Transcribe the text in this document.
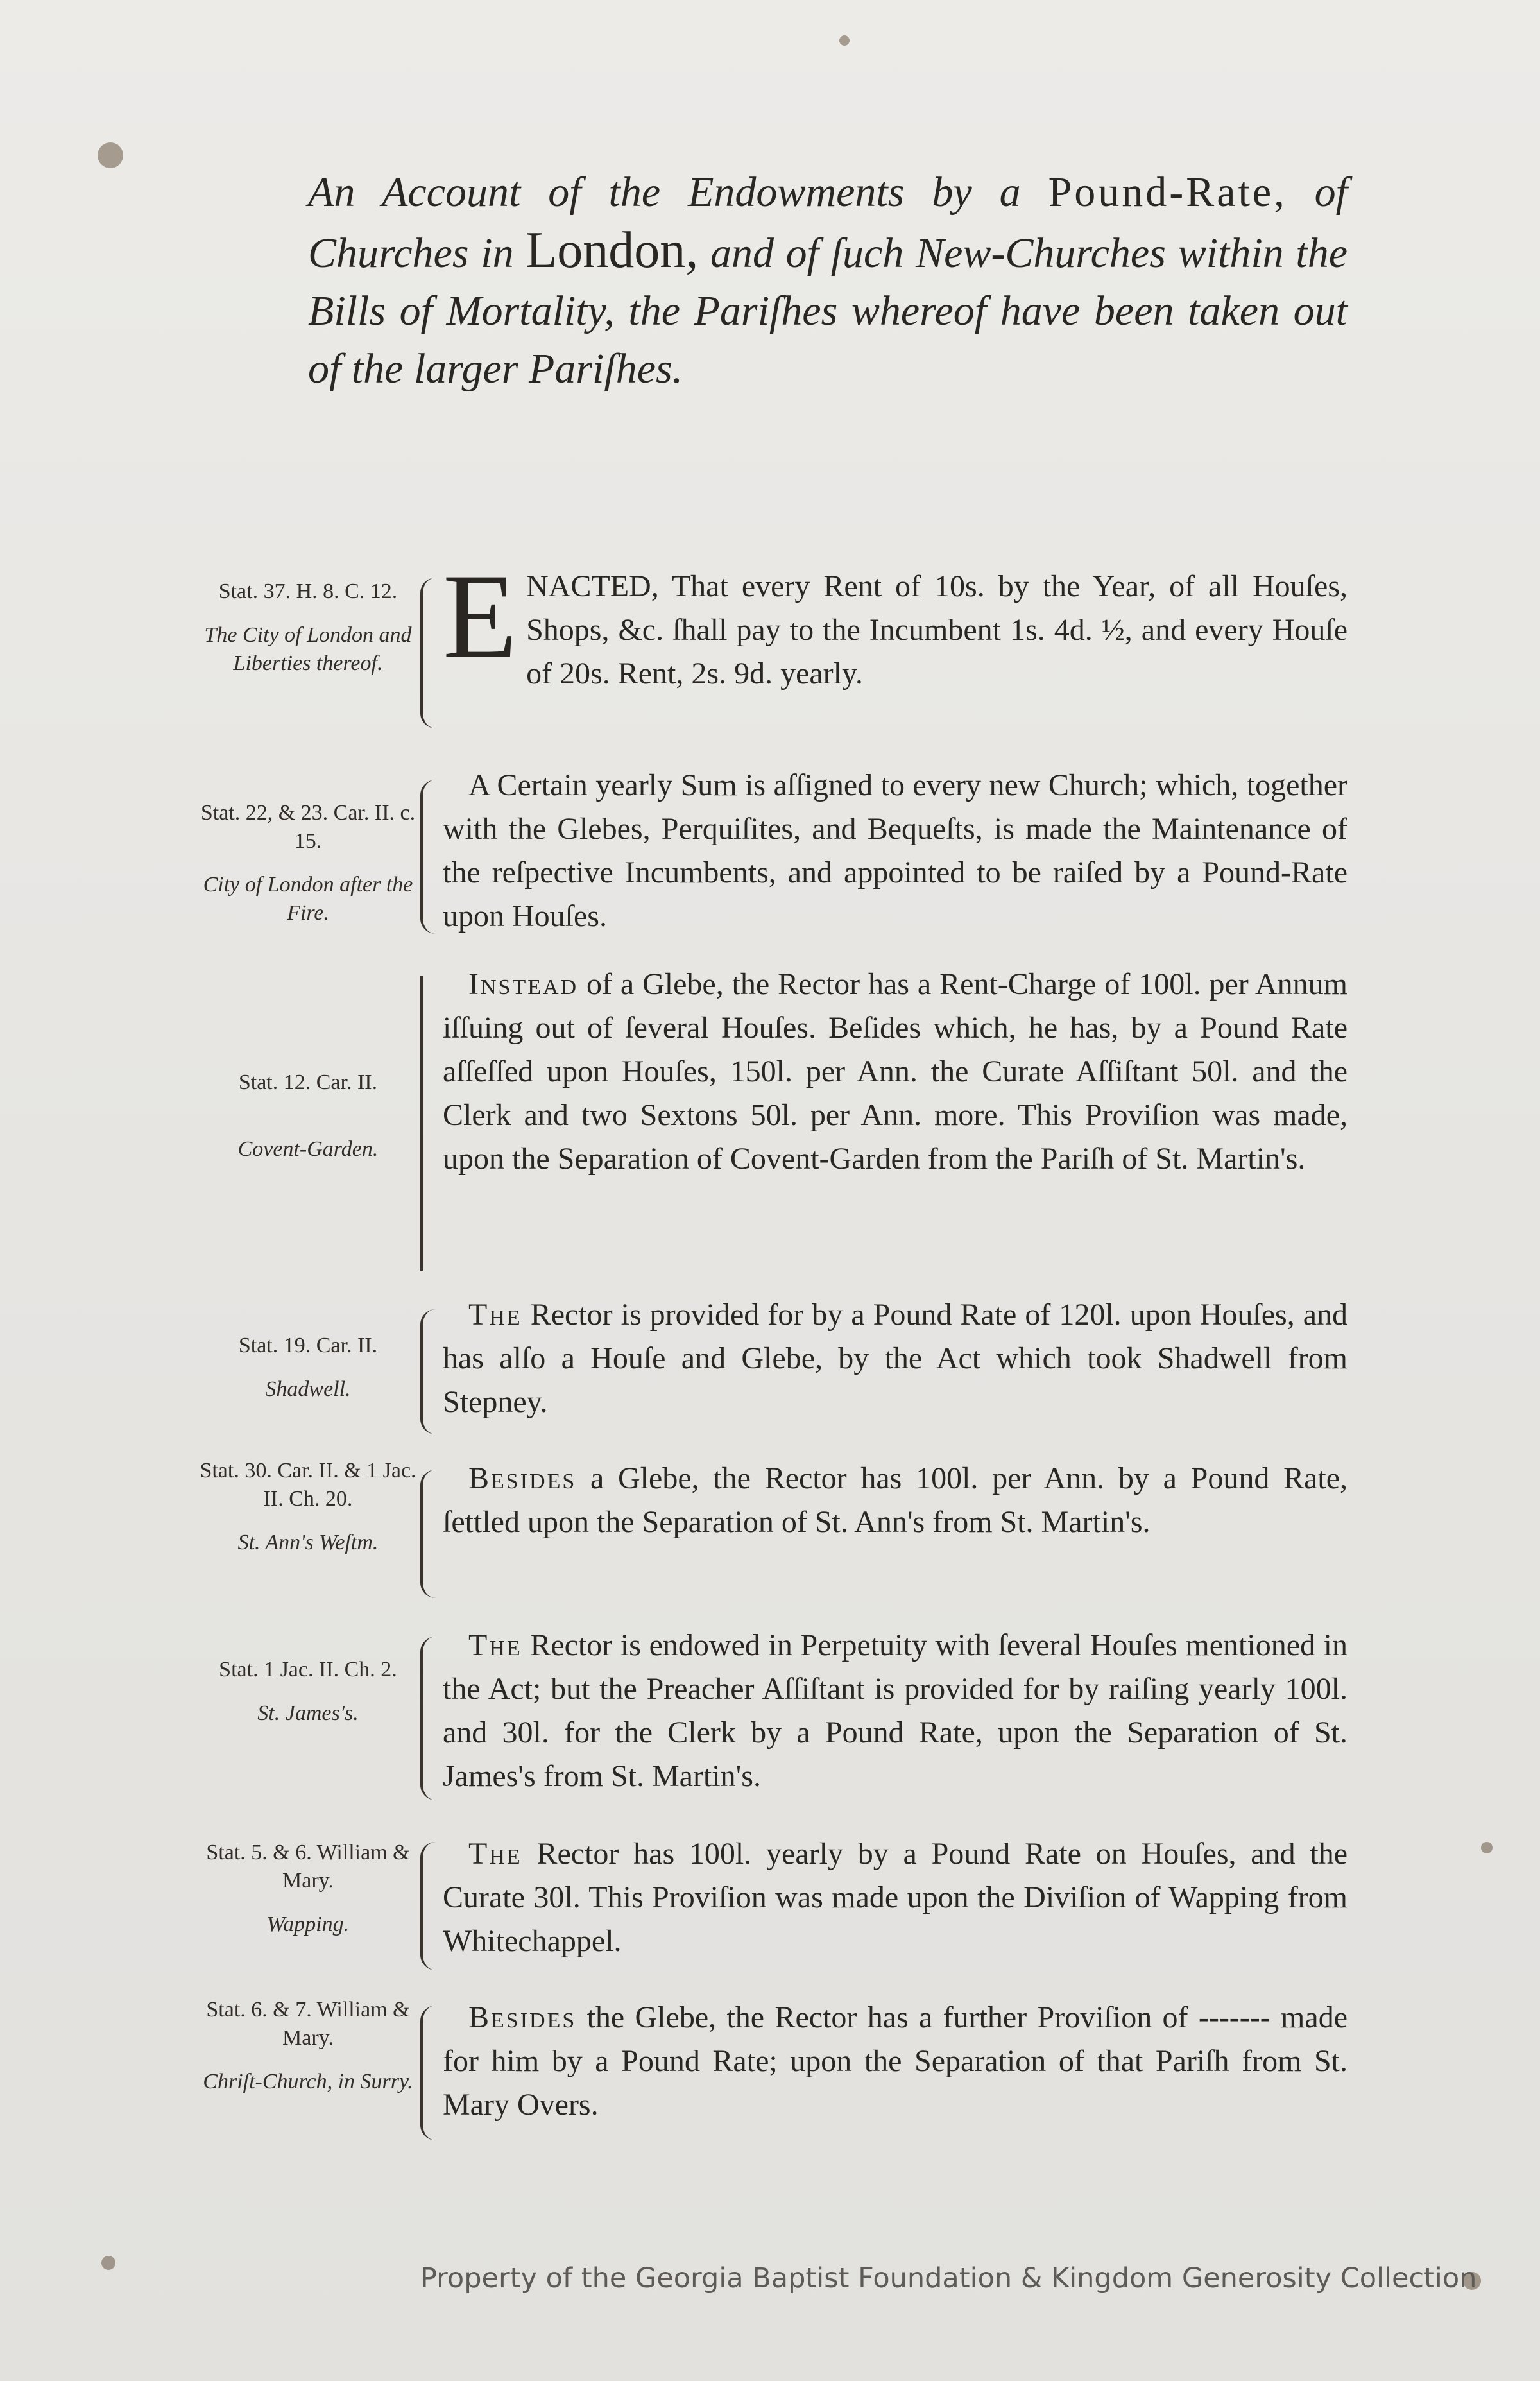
An Account of the Endowments by a Pound-Rate, of Churches in London, and of ſuch New-Churches within the Bills of Mortality, the Pariſhes whereof have been taken out of the larger Pariſhes.
Stat. 37. H. 8. C. 12.
The City of London and Liberties thereof. E NACTED, That every Rent of 10s. by the Year, of all Houſes, Shops, &c. ſhall pay to the Incumbent 1s. 4d. ½, and every Houſe of 20s. Rent, 2s. 9d. yearly.
Stat. 22, & 23. Car. II. c. 15.
City of London after the Fire.
A Certain yearly Sum is aſſigned to every new Church; which, together with the Glebes, Perquiſites, and Bequeſts, is made the Maintenance of the reſpective Incumbents, and appointed to be raiſed by a Pound-Rate upon Houſes.
Stat. 12. Car. II.
Covent-Garden.
Instead of a Glebe, the Rector has a Rent-Charge of 100l. per Annum iſſuing out of ſeveral Houſes. Beſides which, he has, by a Pound Rate aſſeſſed upon Houſes, 150l. per Ann. the Curate Aſſiſtant 50l. and the Clerk and two Sextons 50l. per Ann. more. This Proviſion was made, upon the Separation of Covent-Garden from the Pariſh of St. Martin's.
Stat. 19. Car. II.
Shadwell.
The Rector is provided for by a Pound Rate of 120l. upon Houſes, and has alſo a Houſe and Glebe, by the Act which took Shadwell from Stepney.
Stat. 30. Car. II. & 1 Jac. II. Ch. 20.
St. Ann's Weſtm.
Besides a Glebe, the Rector has 100l. per Ann. by a Pound Rate, ſettled upon the Separation of St. Ann's from St. Martin's.
Stat. 1 Jac. II. Ch. 2.
St. James's.
The Rector is endowed in Perpetuity with ſeveral Houſes mentioned in the Act; but the Preacher Aſſiſtant is provided for by raiſing yearly 100l. and 30l. for the Clerk by a Pound Rate, upon the Separation of St. James's from St. Martin's.
Stat. 5. & 6. William & Mary.
Wapping.
The Rector has 100l. yearly by a Pound Rate on Houſes, and the Curate 30l. This Proviſion was made upon the Diviſion of Wapping from Whitechappel.
Stat. 6. & 7. William & Mary.
Chriſt-Church, in Surry.
Besides the Glebe, the Rector has a further Proviſion of ------- made for him by a Pound Rate; upon the Separation of that Pariſh from St. Mary Overs.
Property of the Georgia Baptist Foundation & Kingdom Generosity Collection
